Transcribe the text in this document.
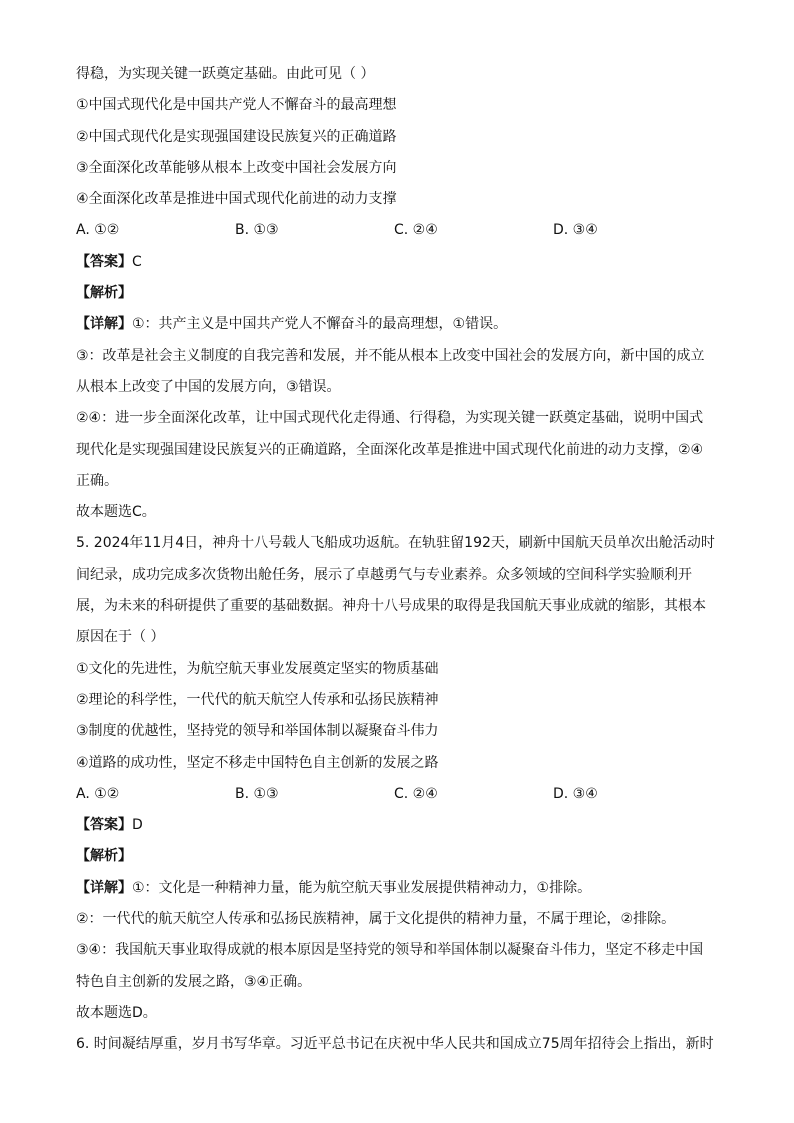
得稳，为实现关键一跃奠定基础。由此可见（ ）
①中国式现代化是中国共产党人不懈奋斗的最高理想
②中国式现代化是实现强国建设民族复兴的正确道路
③全面深化改革能够从根本上改变中国社会发展方向
④全面深化改革是推进中国式现代化前进的动力支撑
A. ①②	B. ①③	C. ②④	D. ③④
【答案】C
【解析】
【详解】①：共产主义是中国共产党人不懈奋斗的最高理想，①错误。
③：改革是社会主义制度的自我完善和发展，并不能从根本上改变中国社会的发展方向，新中国的成立
从根本上改变了中国的发展方向，③错误。
②④：进一步全面深化改革，让中国式现代化走得通、行得稳，为实现关键一跃奠定基础，说明中国式
现代化是实现强国建设民族复兴的正确道路，全面深化改革是推进中国式现代化前进的动力支撑，②④
正确。
故本题选C。
5. 2024年11月4日，神舟十八号载人飞船成功返航。在轨驻留192天，刷新中国航天员单次出舱活动时
间纪录，成功完成多次货物出舱任务，展示了卓越勇气与专业素养。众多领域的空间科学实验顺利开
展，为未来的科研提供了重要的基础数据。神舟十八号成果的取得是我国航天事业成就的缩影，其根本
原因在于（ ）
①文化的先进性，为航空航天事业发展奠定坚实的物质基础
②理论的科学性，一代代的航天航空人传承和弘扬民族精神
③制度的优越性，坚持党的领导和举国体制以凝聚奋斗伟力
④道路的成功性，坚定不移走中国特色自主创新的发展之路
A. ①②	B. ①③	C. ②④	D. ③④
【答案】D
【解析】
【详解】①：文化是一种精神力量，能为航空航天事业发展提供精神动力，①排除。
②：一代代的航天航空人传承和弘扬民族精神，属于文化提供的精神力量，不属于理论，②排除。
③④：我国航天事业取得成就的根本原因是坚持党的领导和举国体制以凝聚奋斗伟力，坚定不移走中国
特色自主创新的发展之路，③④正确。
故本题选D。
6. 时间凝结厚重，岁月书写华章。习近平总书记在庆祝中华人民共和国成立75周年招待会上指出，新时
